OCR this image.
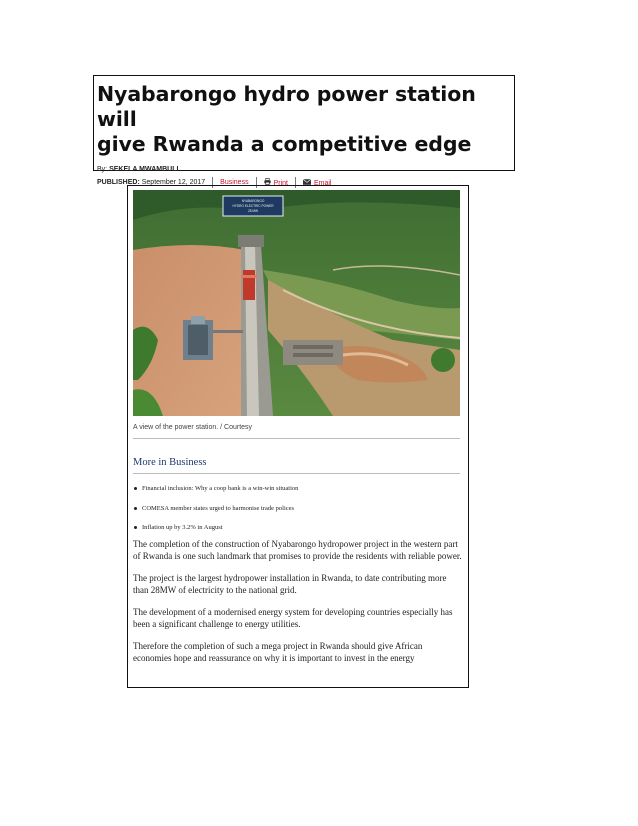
Nyabarongo hydro power station will
give Rwanda a competitive edge
By: SEKELA MWAMBULI
PUBLISHED:
September 12, 2017 Business	Print	Email
NYABARONGO
HYDRO ELECTRIC POWER
28 MW
A view of the power station. / Courtesy
More in Business
Financial inclusion: Why a coop bank is a win-win situation
COMESA member states urged to harmonise trade polices
Inflation up by 3.2% in August

The completion of the construction of Nyabarongo hydropower project in the western part of Rwanda is one such landmark that promises to provide the residents with reliable power.

The project is the largest hydropower installation in Rwanda, to date contributing more than 28MW of electricity to the national grid.

The development of a modernised energy system for developing countries especially has been a significant challenge to energy utilities.

Therefore the completion of such a mega project in Rwanda should give African economies hope and reassurance on why it is important to invest in the energy
